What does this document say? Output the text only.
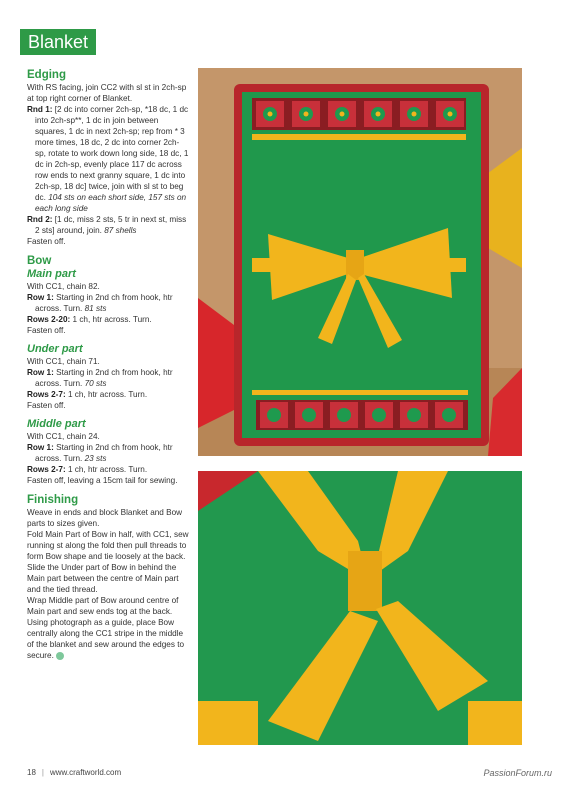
Blanket
Edging

With RS facing, join CC2 with sl st in 2ch-sp at top right corner of Blanket.

Rnd 1: [2 dc into corner 2ch-sp, *18 dc, 1 dc into 2ch-sp**, 1 dc in join between squares, 1 dc in next 2ch-sp; rep from * 3 more times, 18 dc, 2 dc into corner 2ch-sp, rotate to work down long side, 18 dc, 1 dc in 2ch-sp, evenly place 117 dc across row ends to next granny square, 1 dc into 2ch-sp, 18 dc] twice, join with sl st to beg dc. 104 sts on each short side, 157 sts on each long side

Rnd 2: [1 dc, miss 2 sts, 5 tr in next st, miss 2 sts] around, join. 87 shells

Fasten off.

Bow
Main part

With CC1, chain 82.

Row 1: Starting in 2nd ch from hook, htr across. Turn. 81 sts

Rows 2-20: 1 ch, htr across. Turn.

Fasten off.

Under part

With CC1, chain 71.

Row 1: Starting in 2nd ch from hook, htr across. Turn. 70 sts

Rows 2-7: 1 ch, htr across. Turn.

Fasten off.

Middle part

With CC1, chain 24.

Row 1: Starting in 2nd ch from hook, htr across. Turn. 23 sts

Rows 2-7: 1 ch, htr across. Turn.

Fasten off, leaving a 15cm tail for sewing.

Finishing

Weave in ends and block Blanket and Bow parts to sizes given.

Fold Main Part of Bow in half, with CC1, sew running st along the fold then pull threads to form Bow shape and tie loosely at the back.

Slide the Under part of Bow in behind the Main part between the centre of Main part and the tied thread.

Wrap Middle part of Bow around centre of Main part and sew ends tog at the back.

Using photograph as a guide, place Bow centrally along the CC1 stripe in the middle of the blanket and sew around the edges to secure.

18 | www.craftworld.com	PassionForum.ru
